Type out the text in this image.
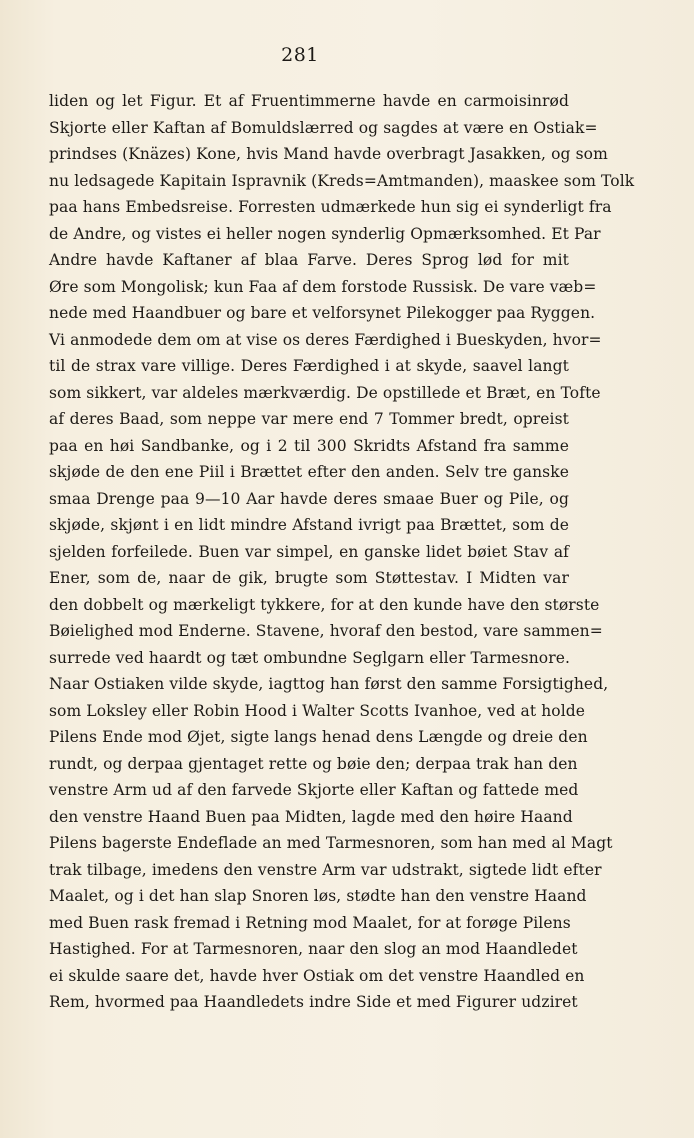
281
liden og let Figur. Et af Fruentimmerne havde en carmoisinrød
Skjorte eller Kaftan af Bomuldslærred og sagdes at være en Ostiak=
prindses (Knäzes) Kone, hvis Mand havde overbragt Jasakken, og som
nu ledsagede Kapitain Ispravnik (Kreds=Amtmanden), maaskee som Tolk
paa hans Embedsreise. Forresten udmærkede hun sig ei synderligt fra
de Andre, og vistes ei heller nogen synderlig Opmærksomhed. Et Par
Andre havde Kaftaner af blaa Farve. Deres Sprog lød for mit
Øre som Mongolisk; kun Faa af dem forstode Russisk. De vare væb=
nede med Haandbuer og bare et velforsynet Pilekogger paa Ryggen.
Vi anmodede dem om at vise os deres Færdighed i Bueskyden, hvor=
til de strax vare villige. Deres Færdighed i at skyde, saavel langt
som sikkert, var aldeles mærkværdig. De opstillede et Bræt, en Tofte
af deres Baad, som neppe var mere end 7 Tommer bredt, opreist
paa en høi Sandbanke, og i 2 til 300 Skridts Afstand fra samme
skjøde de den ene Piil i Brættet efter den anden. Selv tre ganske
smaa Drenge paa 9—10 Aar havde deres smaae Buer og Pile, og
skjøde, skjønt i en lidt mindre Afstand ivrigt paa Brættet, som de
sjelden forfeilede. Buen var simpel, en ganske lidet bøiet Stav af
Ener, som de, naar de gik, brugte som Støttestav. I Midten var
den dobbelt og mærkeligt tykkere, for at den kunde have den største
Bøielighed mod Enderne. Stavene, hvoraf den bestod, vare sammen=
surrede ved haardt og tæt ombundne Seglgarn eller Tarmesnore.
Naar Ostiaken vilde skyde, iagttog han først den samme Forsigtighed,
som Loksley eller Robin Hood i Walter Scotts Ivanhoe, ved at holde
Pilens Ende mod Øjet, sigte langs henad dens Længde og dreie den
rundt, og derpaa gjentaget rette og bøie den; derpaa trak han den
venstre Arm ud af den farvede Skjorte eller Kaftan og fattede med
den venstre Haand Buen paa Midten, lagde med den høire Haand
Pilens bagerste Endeflade an med Tarmesnoren, som han med al Magt
trak tilbage, imedens den venstre Arm var udstrakt, sigtede lidt efter
Maalet, og i det han slap Snoren løs, stødte han den venstre Haand
med Buen rask fremad i Retning mod Maalet, for at forøge Pilens
Hastighed. For at Tarmesnoren, naar den slog an mod Haandledet
ei skulde saare det, havde hver Ostiak om det venstre Haandled en
Rem, hvormed paa Haandledets indre Side et med Figurer udziret
